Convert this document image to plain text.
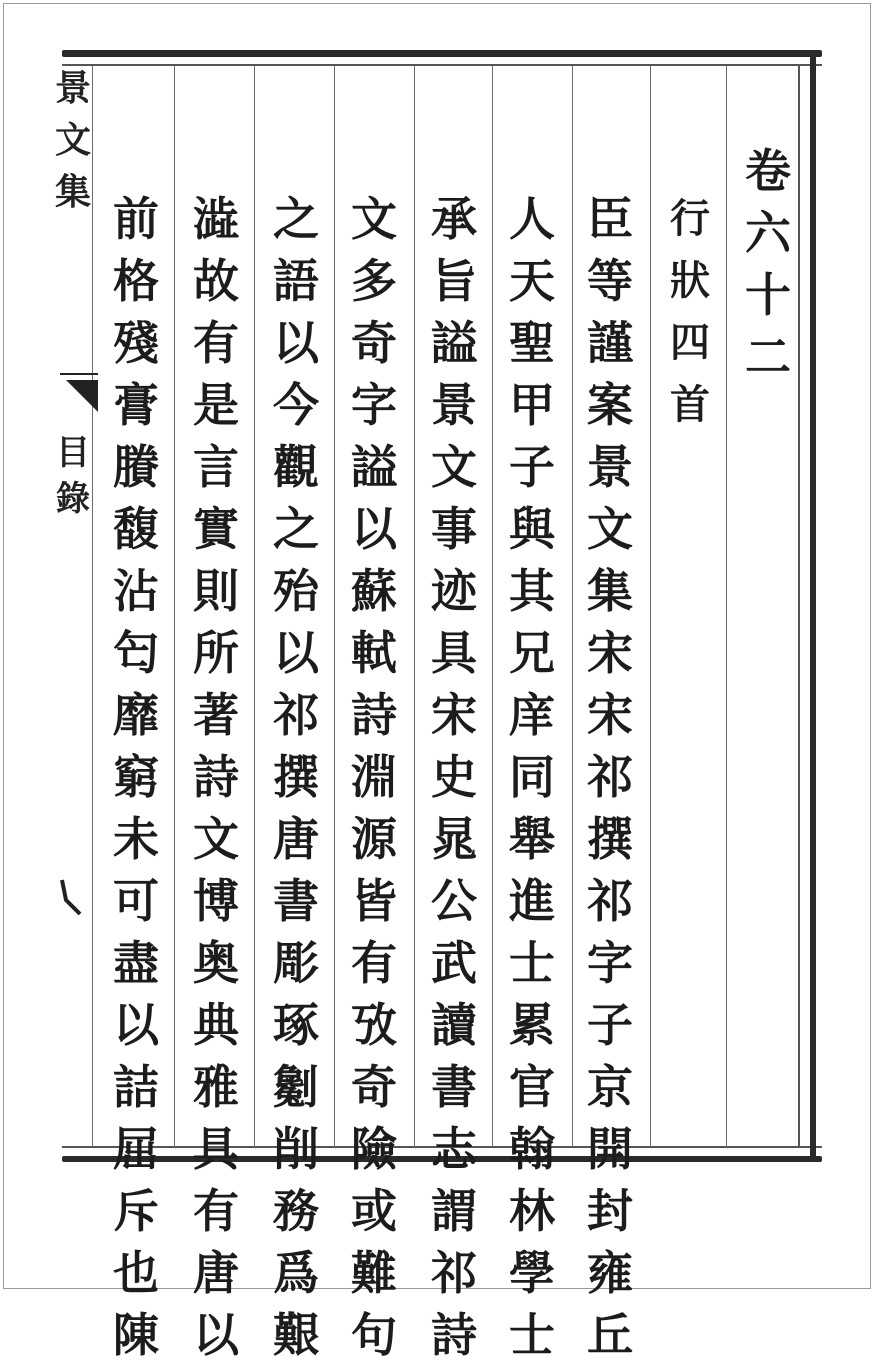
卷
六
十
二
行
狀
四
首
臣
等
謹
案
景
文
集
宋
宋
祁
撰
祁
字
子
京
開
封
雍
丘
人
天
聖
甲
子
與
其
兄
庠
同
舉
進
士
累
官
翰
林
學
士
承
旨
謚
景
文
事
迹
具
宋
史
晁
公
武
讀
書
志
謂
祁
詩
文
多
奇
字
謚
以
蘇
軾
詩
淵
源
皆
有
攷
奇
險
或
難
句
之
語
以
今
觀
之
殆
以
祁
撰
唐
書
彫
琢
劖
削
務
爲
艱
澁
故
有
是
言
實
則
所
著
詩
文
博
奥
典
雅
具
有
唐
以
前
格
殘
膏
賸
馥
沾
匄
靡
窮
未
可
盡
以
詰
屈
斥
也
陳
景
文
集
目
錄
